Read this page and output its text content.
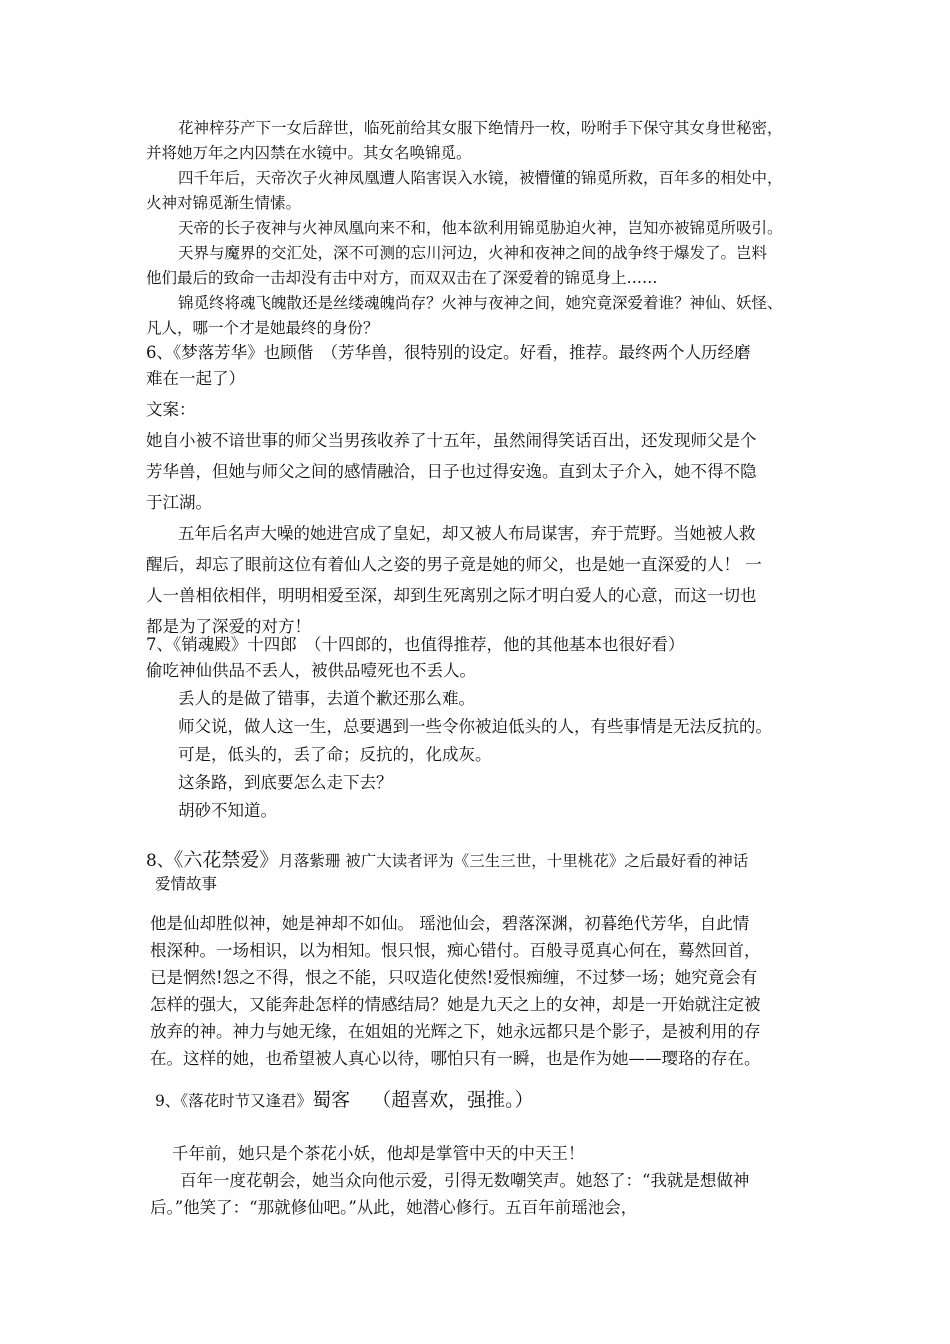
花神梓芬产下一女后辞世，临死前给其女服下绝情丹一枚，吩咐手下保守其女身世秘密，
并将她万年之内囚禁在水镜中。其女名唤锦觅。
四千年后，天帝次子火神凤凰遭人陷害误入水镜，被懵懂的锦觅所救，百年多的相处中，
火神对锦觅渐生情愫。
天帝的长子夜神与火神凤凰向来不和，他本欲利用锦觅胁迫火神，岂知亦被锦觅所吸引。
天界与魔界的交汇处，深不可测的忘川河边，火神和夜神之间的战争终于爆发了。岂料
他们最后的致命一击却没有击中对方，而双双击在了深爱着的锦觅身上……
锦觅终将魂飞魄散还是丝缕魂魄尚存？火神与夜神之间，她究竟深爱着谁？神仙、妖怪、
凡人，哪一个才是她最终的身份？
6、《梦落芳华》也顾偕　（芳华兽，很特别的设定。好看，推荐。最终两个人历经磨
难在一起了）
文案：
她自小被不谙世事的师父当男孩收养了十五年，虽然闹得笑话百出，还发现师父是个
芳华兽，但她与师父之间的感情融洽，日子也过得安逸。直到太子介入，她不得不隐
于江湖。
五年后名声大噪的她进宫成了皇妃，却又被人布局谋害，弃于荒野。当她被人救
醒后，却忘了眼前这位有着仙人之姿的男子竟是她的师父，也是她一直深爱的人！ 一
人一兽相依相伴，明明相爱至深，却到生死离别之际才明白爱人的心意，而这一切也
都是为了深爱的对方！
7、《销魂殿》十四郎　（十四郎的，也值得推荐，他的其他基本也很好看）
偷吃神仙供品不丢人，被供品噎死也不丢人。
丢人的是做了错事，去道个歉还那么难。
师父说，做人这一生，总要遇到一些令你被迫低头的人，有些事情是无法反抗的。
可是，低头的，丢了命；反抗的，化成灰。
这条路，到底要怎么走下去？
胡砂不知道。
8、《六花禁爱》月落紫珊 被广大读者评为《三生三世，十里桃花》之后最好看的神话
爱情故事
他是仙却胜似神，她是神却不如仙。 瑶池仙会，碧落深渊，初暮绝代芳华，自此情
根深种。一场相识，以为相知。恨只恨，痴心错付。百般寻觅真心何在，蓦然回首，
已是惘然!怨之不得，恨之不能，只叹造化使然!爱恨痴缠，不过梦一场；她究竟会有
怎样的强大，又能奔赴怎样的情感结局？她是九天之上的女神，却是一开始就注定被
放弃的神。神力与她无缘，在姐姐的光辉之下，她永远都只是个影子，是被利用的存
在。这样的她，也希望被人真心以待，哪怕只有一瞬，也是作为她——璎珞的存在。
9、《落花时节又逢君》蜀客 （超喜欢，强推。）
千年前，她只是个茶花小妖，他却是掌管中天的中天王！
百年一度花朝会，她当众向他示爱，引得无数嘲笑声。她怒了：“我就是想做神
后。”他笑了：“那就修仙吧。”从此，她潜心修行。五百年前瑶池会，
